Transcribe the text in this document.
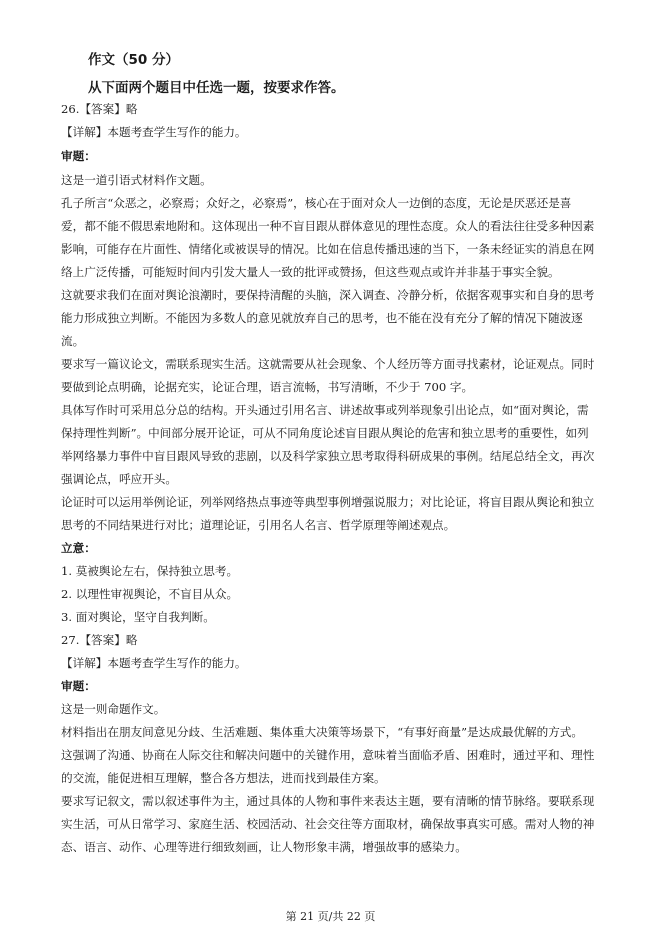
作文（50 分）
从下面两个题目中任选一题，按要求作答。
26.【答案】略
【详解】本题考查学生写作的能力。
审题：
这是一道引语式材料作文题。
孔子所言“众恶之，必察焉；众好之，必察焉”，核心在于面对众人一边倒的态度，无论是厌恶还是喜
爱，都不能不假思索地附和。这体现出一种不盲目跟从群体意见的理性态度。众人的看法往往受多种因素
影响，可能存在片面性、情绪化或被误导的情况。比如在信息传播迅速的当下，一条未经证实的消息在网
络上广泛传播，可能短时间内引发大量人一致的批评或赞扬，但这些观点或许并非基于事实全貌。
这就要求我们在面对舆论浪潮时，要保持清醒的头脑，深入调查、冷静分析，依据客观事实和自身的思考
能力形成独立判断。不能因为多数人的意见就放弃自己的思考，也不能在没有充分了解的情况下随波逐
流。
要求写一篇议论文，需联系现实生活。这就需要从社会现象、个人经历等方面寻找素材，论证观点。同时
要做到论点明确，论据充实，论证合理，语言流畅，书写清晰，不少于 700 字。
具体写作时可采用总分总的结构。开头通过引用名言、讲述故事或列举现象引出论点，如“面对舆论，需
保持理性判断”。中间部分展开论证，可从不同角度论述盲目跟从舆论的危害和独立思考的重要性，如列
举网络暴力事件中盲目跟风导致的悲剧，以及科学家独立思考取得科研成果的事例。结尾总结全文，再次
强调论点，呼应开头。
论证时可以运用举例论证，列举网络热点事迹等典型事例增强说服力；对比论证，将盲目跟从舆论和独立
思考的不同结果进行对比；道理论证，引用名人名言、哲学原理等阐述观点。
立意：
1. 莫被舆论左右，保持独立思考。
2. 以理性审视舆论，不盲目从众。
3. 面对舆论，坚守自我判断。
27.【答案】略
【详解】本题考查学生写作的能力。
审题：
这是一则命题作文。
材料指出在朋友间意见分歧、生活难题、集体重大决策等场景下，“有事好商量”是达成最优解的方式。
这强调了沟通、协商在人际交往和解决问题中的关键作用，意味着当面临矛盾、困难时，通过平和、理性
的交流，能促进相互理解，整合各方想法，进而找到最佳方案。
要求写记叙文，需以叙述事件为主，通过具体的人物和事件来表达主题，要有清晰的情节脉络。要联系现
实生活，可从日常学习、家庭生活、校园活动、社会交往等方面取材，确保故事真实可感。需对人物的神
态、语言、动作、心理等进行细致刻画，让人物形象丰满，增强故事的感染力。
第 21 页/共 22 页
